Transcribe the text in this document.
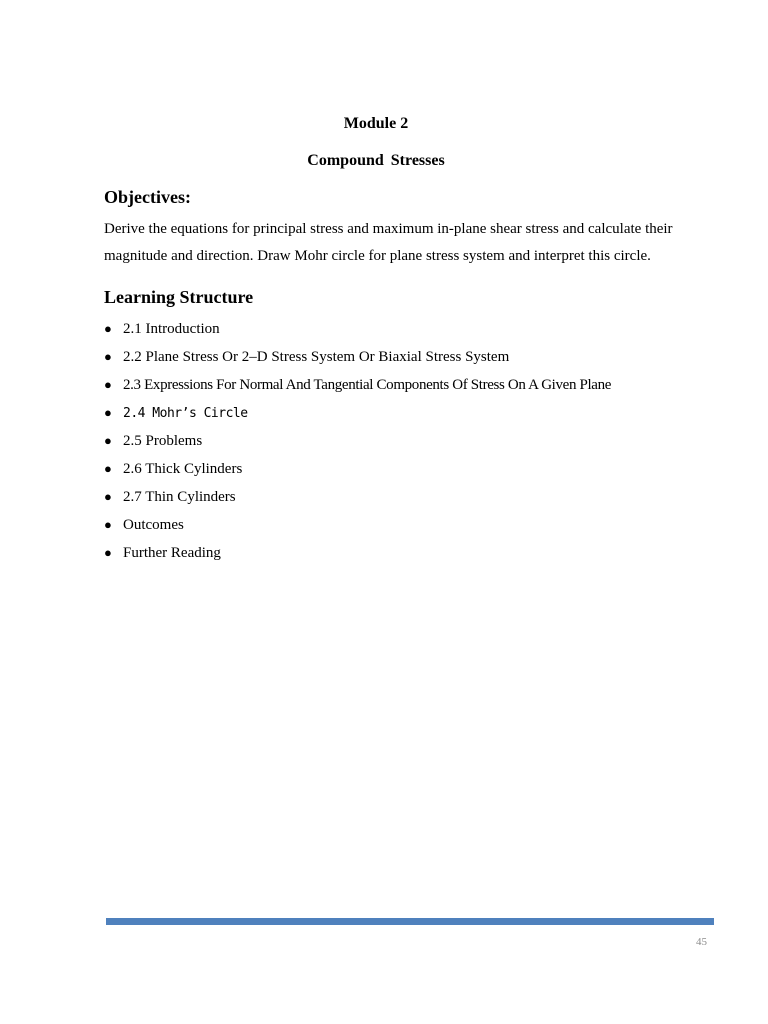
Module 2
Compound Stresses
Objectives:
Derive the equations for principal stress and maximum in-plane shear stress and calculate their magnitude and direction. Draw Mohr circle for plane stress system and interpret this circle.
Learning Structure
● 2.1 Introduction
● 2.2 Plane Stress Or 2–D Stress System Or Biaxial Stress System
● 2.3 Expressions For Normal And Tangential Components Of Stress On A Given Plane
● 2.4 Mohr’s Circle
● 2.5 Problems
● 2.6 Thick Cylinders
● 2.7 Thin Cylinders
● Outcomes
● Further Reading
45
